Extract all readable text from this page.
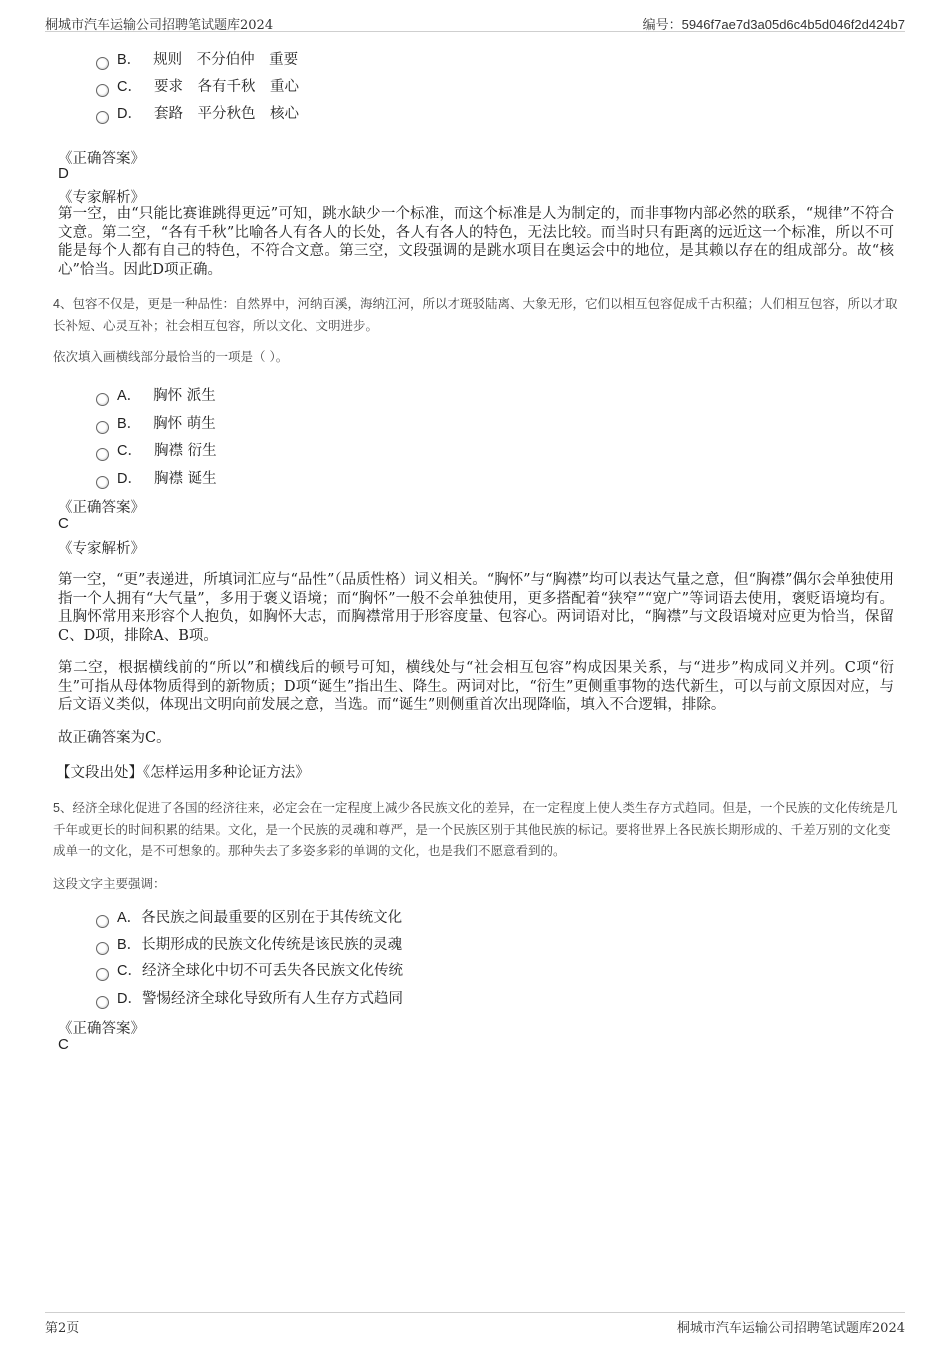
桐城市汽车运输公司招聘笔试题库2024	编号：5946f7ae7d3a05d6c4b5d046f2d424b7
B． 规则　不分伯仲　重要
C． 要求　各有千秋　重心
D． 套路　平分秋色　核心
《正确答案》
D
《专家解析》
第一空，由“只能比赛谁跳得更远”可知，跳水缺少一个标准，而这个标准是人为制定的，而非事物内部必然的联系，“规律”不符合文意。第二空，“各有千秋”比喻各人有各人的长处，各人有各人的特色，无法比较。而当时只有距离的远近这一个标准，所以不可能是每个人都有自己的特色，不符合文意。第三空，文段强调的是跳水项目在奥运会中的地位，是其赖以存在的组成部分。故“核心”恰当。因此D项正确。
4、包容不仅是，更是一种品性：自然界中，河纳百溪，海纳江河，所以才斑驳陆离、大象无形，它们以相互包容促成千古积蕴；人们相互包容，所以才取长补短、心灵互补；社会相互包容，所以文化、文明进步。
依次填入画横线部分最恰当的一项是（ ）。
A． 胸怀 派生
B． 胸怀 萌生
C． 胸襟 衍生
D． 胸襟 诞生
《正确答案》
C
《专家解析》
第一空，“更”表递进，所填词汇应与“品性”（品质性格）词义相关。“胸怀”与“胸襟”均可以表达气量之意，但“胸襟”偶尔会单独使用指一个人拥有“大气量”，多用于褒义语境；而“胸怀”一般不会单独使用，更多搭配着“狭窄”“宽广”等词语去使用，褒贬语境均有。且胸怀常用来形容个人抱负，如胸怀大志，而胸襟常用于形容度量、包容心。两词语对比，“胸襟”与文段语境对应更为恰当，保留C、D项，排除A、B项。
第二空，根据横线前的“所以”和横线后的顿号可知，横线处与“社会相互包容”构成因果关系，与“进步”构成同义并列。C项“衍生”可指从母体物质得到的新物质；D项“诞生”指出生、降生。两词对比，“衍生”更侧重事物的迭代新生，可以与前文原因对应，与后文语义类似，体现出文明向前发展之意，当选。而“诞生”则侧重首次出现降临，填入不合逻辑，排除。
故正确答案为C。
【文段出处】《怎样运用多种论证方法》
5、经济全球化促进了各国的经济往来，必定会在一定程度上减少各民族文化的差异，在一定程度上使人类生存方式趋同。但是，一个民族的文化传统是几千年或更长的时间积累的结果。文化，是一个民族的灵魂和尊严，是一个民族区别于其他民族的标记。要将世界上各民族长期形成的、千差万别的文化变成单一的文化，是不可想象的。那种失去了多姿多彩的单调的文化，也是我们不愿意看到的。
这段文字主要强调：
A．各民族之间最重要的区别在于其传统文化
B．长期形成的民族文化传统是该民族的灵魂
C．经济全球化中切不可丢失各民族文化传统
D．警惕经济全球化导致所有人生存方式趋同
《正确答案》
C
第2页	桐城市汽车运输公司招聘笔试题库2024
